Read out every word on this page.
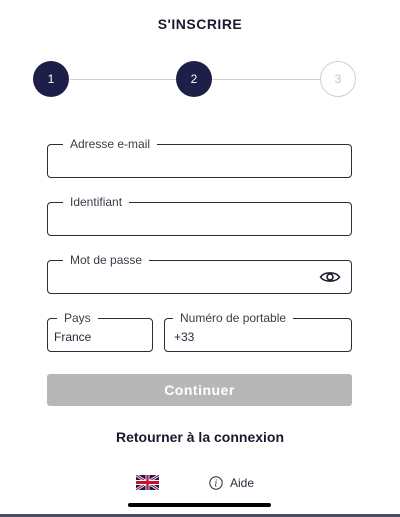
S'INSCRIRE
1	2	3
Adresse e-mail
Identifiant
Mot de passe
Pays
France
Numéro de portable
+33
Continuer
Retourner à la connexion
i Aide
